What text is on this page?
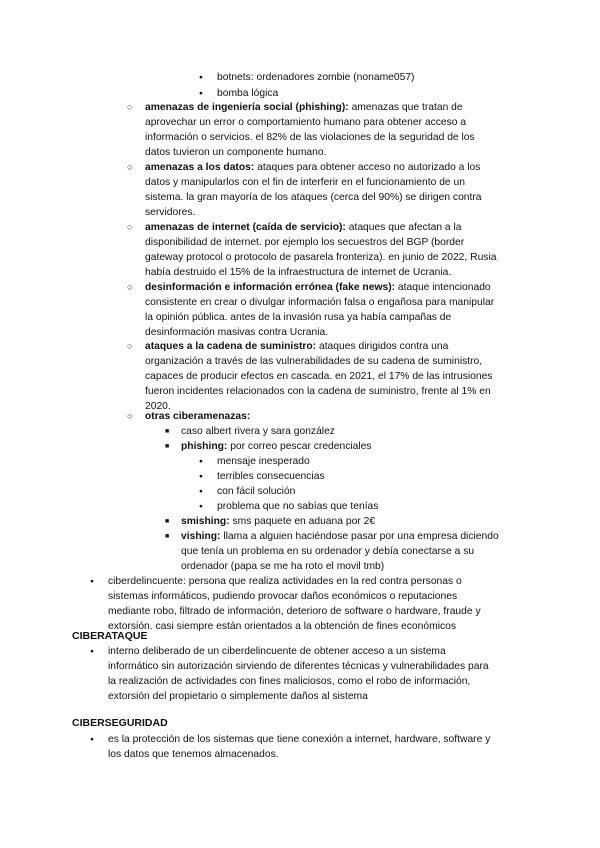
●
botnets: ordenadores zombie (noname057)
●
bomba lógica
○
amenazas de ingeniería social (phishing): amenazas que tratan de
aprovechar un error o comportamiento humano para obtener acceso a
información o servicios. el 82% de las violaciones de la seguridad de los
datos tuvieron un componente humano.
○
amenazas a los datos: ataques para obtener acceso no autorizado a los
datos y manipularlos con el fin de interferir en el funcionamiento de un
sistema. la gran mayoría de los ataques (cerca del 90%) se dirigen contra
servidores.
○
amenazas de internet (caída de servicio): ataques que afectan a la
disponibilidad de internet. por ejemplo los secuestros del BGP (border
gateway protocol o protocolo de pasarela fronteriza). en junio de 2022, Rusia
había destruido el 15% de la infraestructura de internet de Ucrania.
○
desinformación e información errónea (fake news): ataque intencionado
consistente en crear o divulgar información falsa o engañosa para manipular
la opinión pública. antes de la invasión rusa ya había campañas de
desinformación masivas contra Ucrania.
○
ataques a la cadena de suministro: ataques dirigidos contra una
organización a través de las vulnerabilidades de su cadena de suministro,
capaces de producir efectos en cascada. en 2021, el 17% de las intrusiones
fueron incidentes relacionados con la cadena de suministro, frente al 1% en
2020.
○
otras ciberamenazas:
■
caso albert rivera y sara gonzález
■
phishing: por correo pescar credenciales
●
mensaje inesperado
●
terribles consecuencias
●
con fácil solución
●
problema que no sabías que tenías
■
smishing: sms paquete en aduana por 2€
■
vishing: llama a alguien haciéndose pasar por una empresa diciendo
que tenía un problema en su ordenador y debía conectarse a su
ordenador (papa se me ha roto el movil tmb)
●
ciberdelincuente: persona que realiza actividades en la red contra personas o
sistemas informáticos, pudiendo provocar daños económicos o reputaciones
mediante robo, filtrado de información, deterioro de software o hardware, fraude y
extorsión. casi siempre están orientados a la obtención de fines económicos
CIBERATAQUE
●
interno deliberado de un ciberdelincuente de obtener acceso a un sistema
informático sin autorización sirviendo de diferentes técnicas y vulnerabilidades para
la realización de actividades con fines maliciosos, como el robo de información,
extorsión del propietario o simplemente daños al sistema
CIBERSEGURIDAD
●
es la protección de los sistemas que tiene conexión a internet, hardware, software y
los datos que tenemos almacenados.
